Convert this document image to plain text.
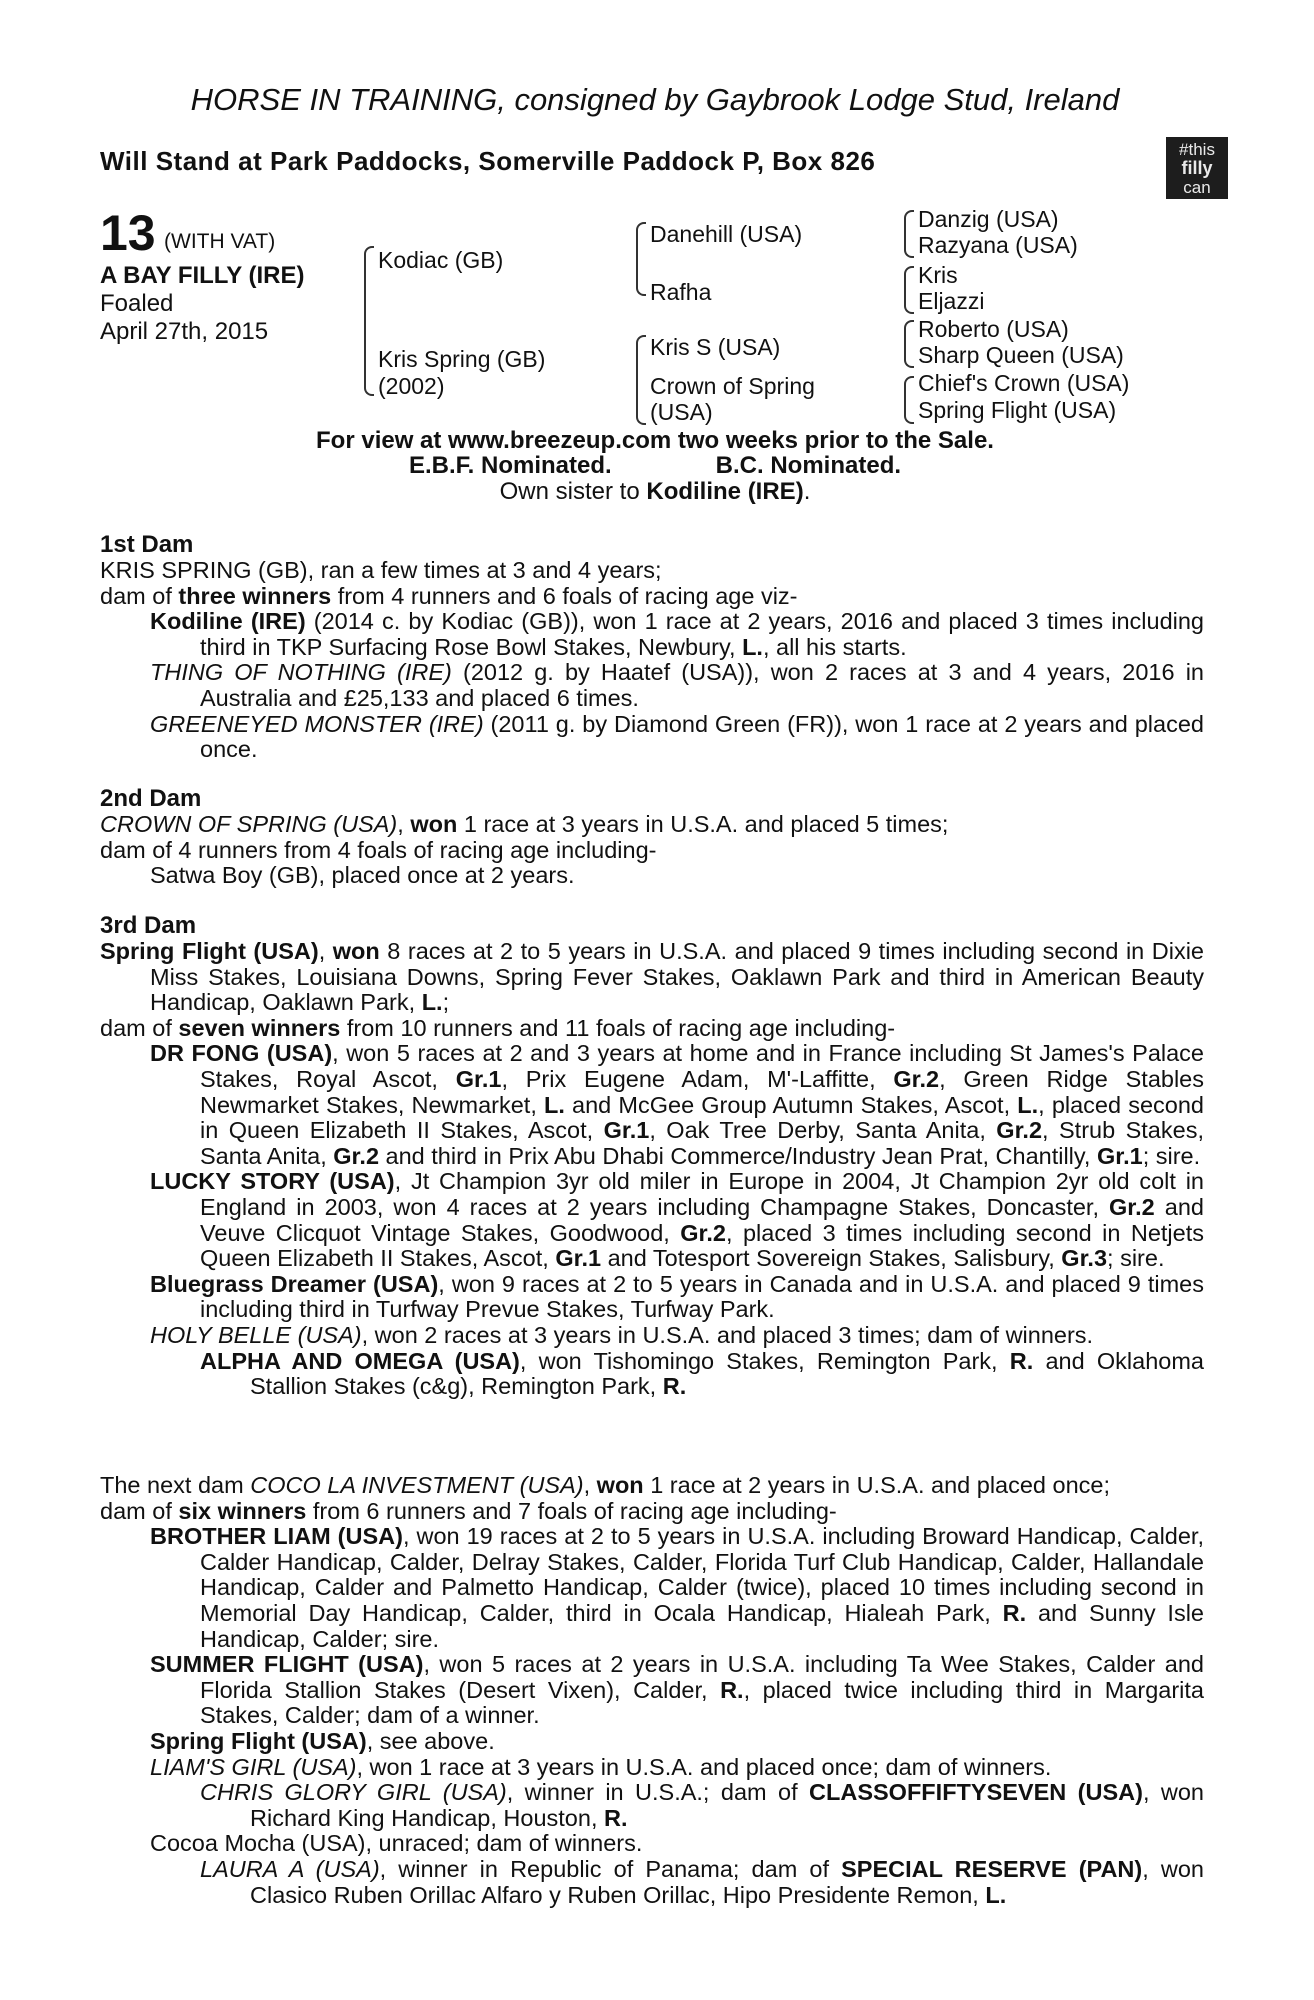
HORSE IN TRAINING, consigned by Gaybrook Lodge Stud, Ireland
Will Stand at Park Paddocks, Somerville Paddock P, Box 826	#this
filly
can
13 (WITH VAT)
A BAY FILLY (IRE)
Foaled
April 27th, 2015
Kodiac (GB)
Kris Spring (GB)
(2002)
Danehill (USA)
Rafha
Kris S (USA)
Crown of Spring
(USA)
Danzig (USA)
Razyana (USA)
Kris
Eljazzi
Roberto (USA)
Sharp Queen (USA)
Chief's Crown (USA)
Spring Flight (USA)
For view at www.breezeup.com two weeks prior to the Sale.
E.B.F. Nominated.	B.C. Nominated.
Own sister to Kodiline (IRE).
1st Dam

KRIS SPRING (GB), ran a few times at 3 and 4 years;

dam of three winners from 4 runners and 6 foals of racing age viz-

Kodiline (IRE) (2014 c. by Kodiac (GB)), won 1 race at 2 years, 2016 and placed 3 times including third in TKP Surfacing Rose Bowl Stakes, Newbury, L., all his starts.

THING OF NOTHING (IRE) (2012 g. by Haatef (USA)), won 2 races at 3 and 4 years, 2016 in Australia and £25,133 and placed 6 times.

GREENEYED MONSTER (IRE) (2011 g. by Diamond Green (FR)), won 1 race at 2 years and placed once.

2nd Dam

CROWN OF SPRING (USA), won 1 race at 3 years in U.S.A. and placed 5 times;

dam of 4 runners from 4 foals of racing age including-

Satwa Boy (GB), placed once at 2 years.

3rd Dam

Spring Flight (USA), won 8 races at 2 to 5 years in U.S.A. and placed 9 times including second in Dixie Miss Stakes, Louisiana Downs, Spring Fever Stakes, Oaklawn Park and third in American Beauty Handicap, Oaklawn Park, L.;

dam of seven winners from 10 runners and 11 foals of racing age including-

DR FONG (USA), won 5 races at 2 and 3 years at home and in France including St James's Palace Stakes, Royal Ascot, Gr.1, Prix Eugene Adam, M'-Laffitte, Gr.2, Green Ridge Stables Newmarket Stakes, Newmarket, L. and McGee Group Autumn Stakes, Ascot, L., placed second in Queen Elizabeth II Stakes, Ascot, Gr.1, Oak Tree Derby, Santa Anita, Gr.2, Strub Stakes, Santa Anita, Gr.2 and third in Prix Abu Dhabi Commerce/Industry Jean Prat, Chantilly, Gr.1; sire.

LUCKY STORY (USA), Jt Champion 3yr old miler in Europe in 2004, Jt Champion 2yr old colt in England in 2003, won 4 races at 2 years including Champagne Stakes, Doncaster, Gr.2 and Veuve Clicquot Vintage Stakes, Goodwood, Gr.2, placed 3 times including second in Netjets Queen Elizabeth II Stakes, Ascot, Gr.1 and Totesport Sovereign Stakes, Salisbury, Gr.3; sire.

Bluegrass Dreamer (USA), won 9 races at 2 to 5 years in Canada and in U.S.A. and placed 9 times including third in Turfway Prevue Stakes, Turfway Park.

HOLY BELLE (USA), won 2 races at 3 years in U.S.A. and placed 3 times; dam of winners.

ALPHA AND OMEGA (USA), won Tishomingo Stakes, Remington Park, R. and Oklahoma Stallion Stakes (c&g), Remington Park, R.

The next dam COCO LA INVESTMENT (USA), won 1 race at 2 years in U.S.A. and placed once;

dam of six winners from 6 runners and 7 foals of racing age including-

BROTHER LIAM (USA), won 19 races at 2 to 5 years in U.S.A. including Broward Handicap, Calder, Calder Handicap, Calder, Delray Stakes, Calder, Florida Turf Club Handicap, Calder, Hallandale Handicap, Calder and Palmetto Handicap, Calder (twice), placed 10 times including second in Memorial Day Handicap, Calder, third in Ocala Handicap, Hialeah Park, R. and Sunny Isle Handicap, Calder; sire.

SUMMER FLIGHT (USA), won 5 races at 2 years in U.S.A. including Ta Wee Stakes, Calder and Florida Stallion Stakes (Desert Vixen), Calder, R., placed twice including third in Margarita Stakes, Calder; dam of a winner.

Spring Flight (USA), see above.

LIAM'S GIRL (USA), won 1 race at 3 years in U.S.A. and placed once; dam of winners.

CHRIS GLORY GIRL (USA), winner in U.S.A.; dam of CLASSOFFIFTYSEVEN (USA), won Richard King Handicap, Houston, R.

Cocoa Mocha (USA), unraced; dam of winners.

LAURA A (USA), winner in Republic of Panama; dam of SPECIAL RESERVE (PAN), won Clasico Ruben Orillac Alfaro y Ruben Orillac, Hipo Presidente Remon, L.
